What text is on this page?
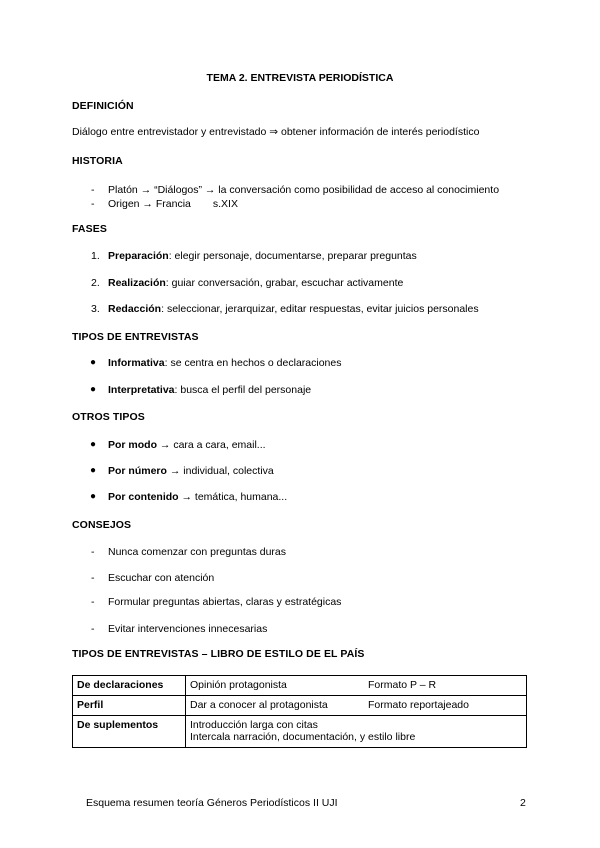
TEMA 2. ENTREVISTA PERIODÍSTICA
DEFINICIÓN
Diálogo entre entrevistador y entrevistado ⇒ obtener información de interés periodístico
HISTORIA
- Platón → “Diálogos” → la conversación como posibilidad de acceso al conocimiento
- Origen → Francia s.XIX
FASES
1. Preparación: elegir personaje, documentarse, preparar preguntas
2. Realización: guiar conversación, grabar, escuchar activamente
3. Redacción: seleccionar, jerarquizar, editar respuestas, evitar juicios personales
TIPOS DE ENTREVISTAS
● Informativa: se centra en hechos o declaraciones
● Interpretativa: busca el perfil del personaje
OTROS TIPOS
● Por modo → cara a cara, email...
● Por número → individual, colectiva
● Por contenido → temática, humana...
CONSEJOS
- Nunca comenzar con preguntas duras
- Escuchar con atención
- Formular preguntas abiertas, claras y estratégicas
- Evitar intervenciones innecesarias
TIPOS DE ENTREVISTAS – LIBRO DE ESTILO DE EL PAÍS
De declaraciones	Opinión protagonista Formato P – R

Perfil	Dar a conocer al protagonista Formato reportajeado

De suplementos	Introducción larga con citas
Intercala narración, documentación, y estilo libre
Esquema resumen teoría Géneros Periodísticos II UJI	2
